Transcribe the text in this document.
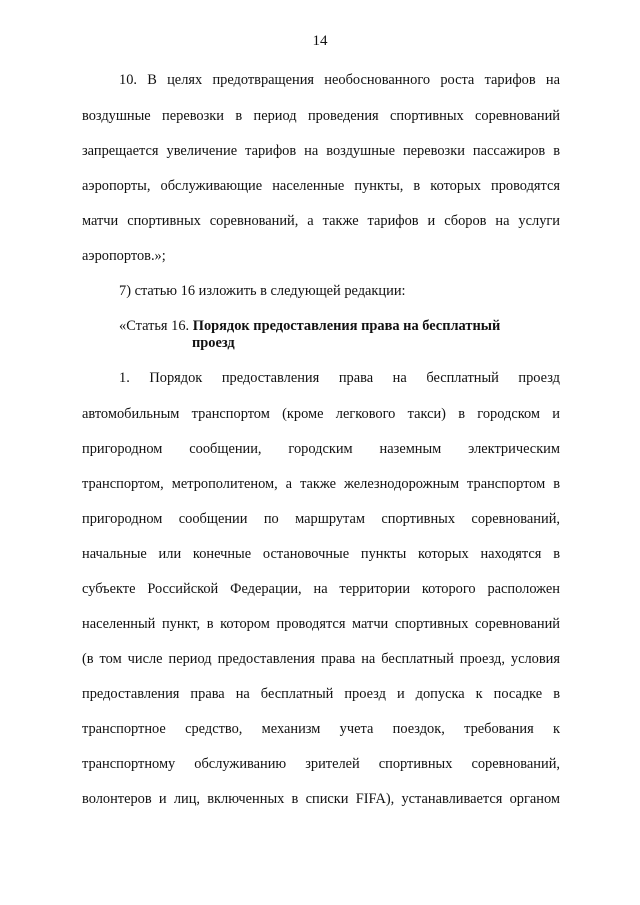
14
10. В целях предотвращения необоснованного роста тарифов на
воздушные перевозки в период проведения спортивных соревнований
запрещается увеличение тарифов на воздушные перевозки пассажиров в
аэропорты, обслуживающие населенные пункты, в которых проводятся
матчи спортивных соревнований, а также тарифов и сборов на услуги
аэропортов.»;
7) статью 16 изложить в следующей редакции:
«Статья 16. Порядок предоставления права на бесплатный
проезд
1. Порядок предоставления права на бесплатный проезд
автомобильным транспортом (кроме легкового такси) в городском и
пригородном сообщении, городским наземным электрическим
транспортом, метрополитеном, а также железнодорожным транспортом в
пригородном сообщении по маршрутам спортивных соревнований,
начальные или конечные остановочные пункты которых находятся в
субъекте Российской Федерации, на территории которого расположен
населенный пункт, в котором проводятся матчи спортивных соревнований
(в том числе период предоставления права на бесплатный проезд, условия
предоставления права на бесплатный проезд и допуска к посадке в
транспортное средство, механизм учета поездок, требования к
транспортному обслуживанию зрителей спортивных соревнований,
волонтеров и лиц, включенных в списки FIFA), устанавливается органом
